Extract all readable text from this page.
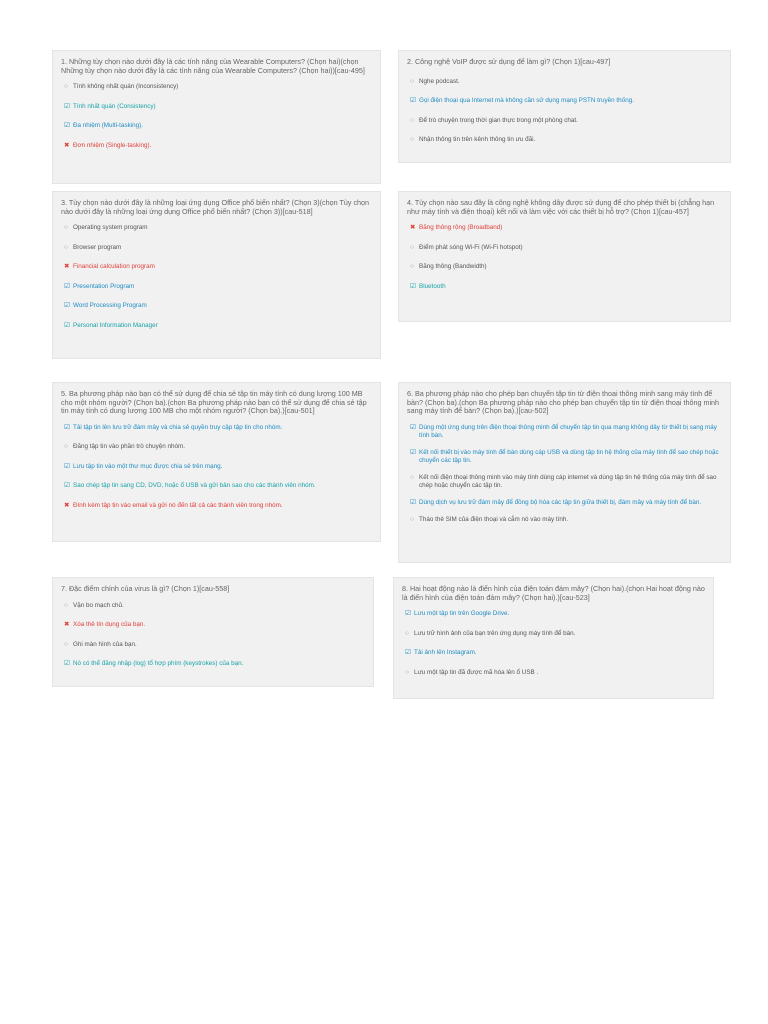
1. Những tùy chọn nào dưới đây là các tính năng của Wearable Computers? (Chọn hai)(chọn Những tùy chọn nào dưới đây là các tính năng của Wearable Computers? (Chọn hai))[cau-495]
○ Tính không nhất quán (Inconsistency)
☑ Tính nhất quán (Consistency)
☑ Đa nhiệm (Multi-tasking).
✖ Đơn nhiệm (Single-tasking).
2. Công nghệ VoIP được sử dụng để làm gì? (Chọn 1)[cau-497]
○ Nghe podcast.
☑ Gọi điện thoại qua Internet mà không cần sử dụng mạng PSTN truyền thống.
○ Để trò chuyện trong thời gian thực trong một phòng chat.
○ Nhận thông tin trên kênh thông tin ưu đãi.
3. Tùy chọn nào dưới đây là những loại ứng dụng Office phổ biến nhất? (Chọn 3)(chọn Tùy chọn nào dưới đây là những loại ứng dụng Office phổ biến nhất? (Chọn 3))[cau-518]
○ Operating system program
○ Browser program
✖ Financial calculation program
☑ Presentation Program
☑ Word Processing Program
☑ Personal Information Manager
4. Tùy chọn nào sau đây là công nghệ không dây được sử dụng để cho phép thiết bị (chẳng hạn như máy tính và điện thoại) kết nối và làm việc với các thiết bị hỗ trợ? (Chọn 1)[cau-457]
✖ Băng thông rộng (Broadband)
○ Điểm phát sóng Wi-Fi (Wi-Fi hotspot)
○ Băng thông (Bandwidth)
☑ Bluetooth
5. Ba phương pháp nào bạn có thể sử dụng để chia sẻ tập tin máy tính có dung lượng 100 MB cho một nhóm người? (Chọn ba).(chọn Ba phương pháp nào bạn có thể sử dụng để chia sẻ tập tin máy tính có dung lượng 100 MB cho một nhóm người? (Chọn ba).)[cau-501]
☑ Tải tập tin lên lưu trữ đám mây và chia sẻ quyền truy cập tập tin cho nhóm.
○ Đăng tập tin vào phần trò chuyện nhóm.
☑ Lưu tập tin vào một thư mục được chia sẻ trên mạng.
☑ Sao chép tập tin sang CD, DVD, hoặc ổ USB và gửi bản sao cho các thành viên nhóm.
✖ Đính kèm tập tin vào email và gửi nó đến tất cả các thành viên trong nhóm.
6. Ba phương pháp nào cho phép bạn chuyển tập tin từ điện thoại thông minh sang máy tính để bàn? (Chọn ba).(chọn Ba phương pháp nào cho phép bạn chuyển tập tin từ điện thoại thông minh sang máy tính để bàn? (Chọn ba).)[cau-502]
☑ Dùng một ứng dụng trên điện thoại thông minh để chuyển tập tin qua mạng không dây từ thiết bị sang máy tính bàn.
☑ Kết nối thiết bị vào máy tính để bàn dùng cáp USB và dùng tập tin hệ thống của máy tính để sao chép hoặc chuyển các tập tin.
○ Kết nối điện thoại thông minh vào máy tính dùng cáp internet và dùng tập tin hệ thống của máy tính để sao chép hoặc chuyển các tập tin.
☑ Dùng dịch vụ lưu trữ đám mây để đồng bộ hóa các tập tin giữa thiết bị, đám mây và máy tính để bàn.
○ Tháo thẻ SIM của điện thoại và cắm nó vào máy tính.
7. Đặc điểm chính của virus là gì? (Chọn 1)[cau-558]
○ Vặn bo mạch chủ.
✖ Xóa thẻ tín dụng của bạn.
○ Ghi màn hình của bạn.
☑ Nó có thể đăng nhập (log) tổ hợp phím (keystrokes) của bạn.
8. Hai hoạt động nào là điển hình của điện toán đám mây? (Chọn hai).(chọn Hai hoạt động nào là điển hình của điện toán đám mây? (Chọn hai).)[cau-523]
☑ Lưu một tập tin trên Google Drive.
○ Lưu trữ hình ảnh của bạn trên ứng dụng máy tính để bàn.
☑ Tải ảnh lên Instagram.
○ Lưu một tập tin đã được mã hóa lên ổ USB .
